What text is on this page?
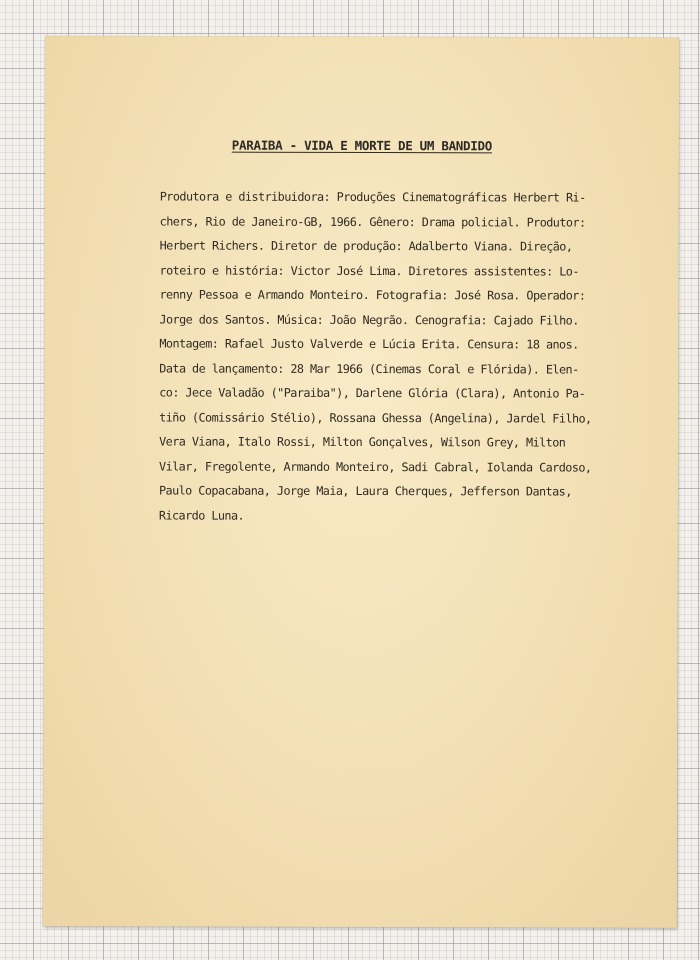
PARAIBA - VIDA E MORTE DE UM BANDIDO
Produtora e distribuidora: Produções Cinematográficas Herbert Ri-
chers, Rio de Janeiro-GB, 1966. Gênero: Drama policial. Produtor:
Herbert Richers. Diretor de produção: Adalberto Viana. Direção,
roteiro e história: Victor José Lima. Diretores assistentes: Lo-
renny Pessoa e Armando Monteiro. Fotografia: José Rosa. Operador:
Jorge dos Santos. Música: João Negrão. Cenografia: Cajado Filho.
Montagem: Rafael Justo Valverde e Lúcia Erita. Censura: 18 anos.
Data de lançamento: 28 Mar 1966 (Cinemas Coral e Flórida). Elen-
co: Jece Valadão ("Paraiba"), Darlene Glória (Clara), Antonio Pa-
tiño (Comissário Stélio), Rossana Ghessa (Angelina), Jardel Filho,
Vera Viana, Italo Rossi, Milton Gonçalves, Wilson Grey, Milton
Vilar, Fregolente, Armando Monteiro, Sadi Cabral, Iolanda Cardoso,
Paulo Copacabana, Jorge Maia, Laura Cherques, Jefferson Dantas,
Ricardo Luna.
